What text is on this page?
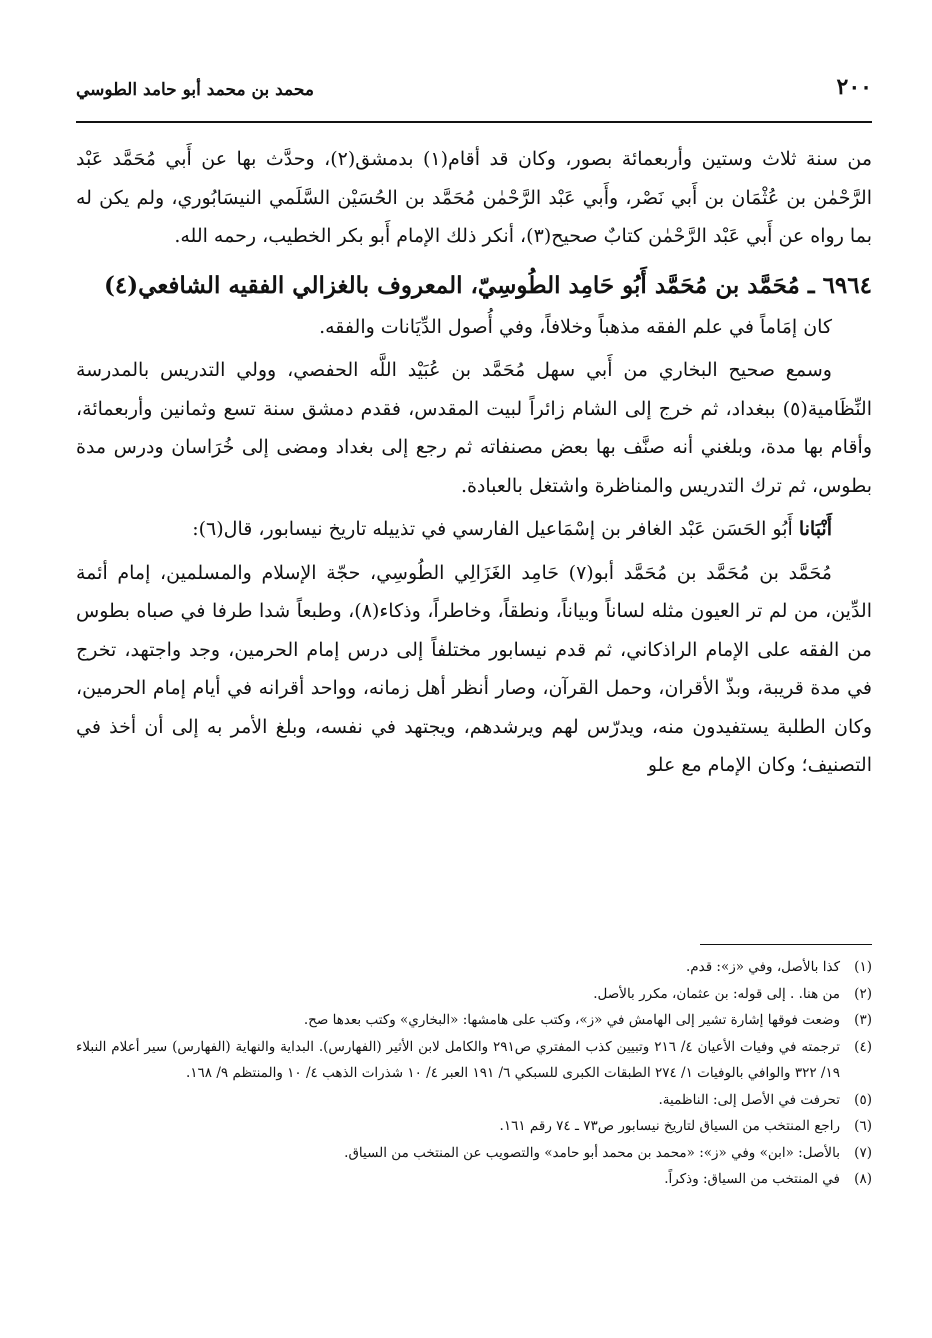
٢٠٠
محمد بن محمد أبو حامد الطوسي

من سنة ثلاث وستين وأربعمائة بصور، وكان قد أقام(١) بدمشق(٢)، وحدَّث بها عن أَبي مُحَمَّد عَبْد الرَّحْمٰن بن عُثْمَان بن أَبي نَصْر، وأَبي عَبْد الرَّحْمٰن مُحَمَّد بن الحُسَيْن السَّلَمي النيسَابُوري، ولم يكن له بما رواه عن أَبي عَبْد الرَّحْمٰن كتابٌ صحيح(٣)، أنكر ذلك الإمام أَبو بكر الخطيب، رحمه الله.

٦٩٦٤ ـ مُحَمَّد بن مُحَمَّد أَبُو حَامِد الطُوسِيّ، المعروف بالغزالي الفقيه الشافعي(٤)

كان إمَاماً في علم الفقه مذهباً وخلافاً، وفي أُصول الدِّيَانات والفقه.

وسمع صحيح البخاري من أَبي سهل مُحَمَّد بن عُبَيْد اللَّه الحفصي، وولي التدريس بالمدرسة النِّظَامية(٥) ببغداد، ثم خرج إلى الشام زائراً لبيت المقدس، فقدم دمشق سنة تسع وثمانين وأربعمائة، وأقام بها مدة، وبلغني أنه صنَّف بها بعض مصنفاته ثم رجع إلى بغداد ومضى إلى خُرَاسان ودرس مدة بطوس، ثم ترك التدريس والمناظرة واشتغل بالعبادة.

أَنْبَانا أَبُو الحَسَن عَبْد الغافر بن إسْمَاعيل الفارسي في تذييله تاريخ نيسابور، قال(٦):

مُحَمَّد بن مُحَمَّد بن مُحَمَّد أبو(٧) حَامِد الغَزَالِي الطُوسِي، حجّة الإسلام والمسلمين، إمام أئمة الدِّين، من لم تر العيون مثله لساناً وبياناً، ونطقاً، وخاطراً، وذكاء(٨)، وطبعاً شدا طرفا في صباه بطوس من الفقه على الإمام الراذكاني، ثم قدم نيسابور مختلفاً إلى درس إمام الحرمين، وجد واجتهد، تخرج في مدة قريبة، وبذّ الأقران، وحمل القرآن، وصار أنظر أهل زمانه، وواحد أقرانه في أيام إمام الحرمين، وكان الطلبة يستفيدون منه، ويدرّس لهم ويرشدهم، ويجتهد في نفسه، وبلغ الأمر به إلى أن أخذ في التصنيف؛ وكان الإمام مع علو

(١)
كذا بالأصل، وفي «ز»: قدم.
(٢)
من هنا. . إلى قوله: بن عثمان، مكرر بالأصل.
(٣)
وضعت فوقها إشارة تشير إلى الهامش في «ز»، وكتب على هامشها: «البخاري» وكتب بعدها صح.
(٤)
ترجمته في وفيات الأعيان ٤/ ٢١٦ وتبيين كذب المفتري ص٢٩١ والكامل لابن الأثير (الفهارس). البداية والنهاية (الفهارس) سير أعلام النبلاء ١٩/ ٣٢٢ والوافي بالوفيات ١/ ٢٧٤ الطبقات الكبرى للسبكي ٦/ ١٩١ العبر ٤/ ١٠ شذرات الذهب ٤/ ١٠ والمنتظم ٩/ ١٦٨.
(٥)
تحرفت في الأصل إلى: الناظمية.
(٦)
راجع المنتخب من السياق لتاريخ نيسابور ص٧٣ ـ ٧٤ رقم ١٦١.
(٧)
بالأصل: «ابن» وفي «ز»: «محمد بن محمد أبو حامد» والتصويب عن المنتخب من السياق.
(٨)
في المنتخب من السياق: وذكراً.
